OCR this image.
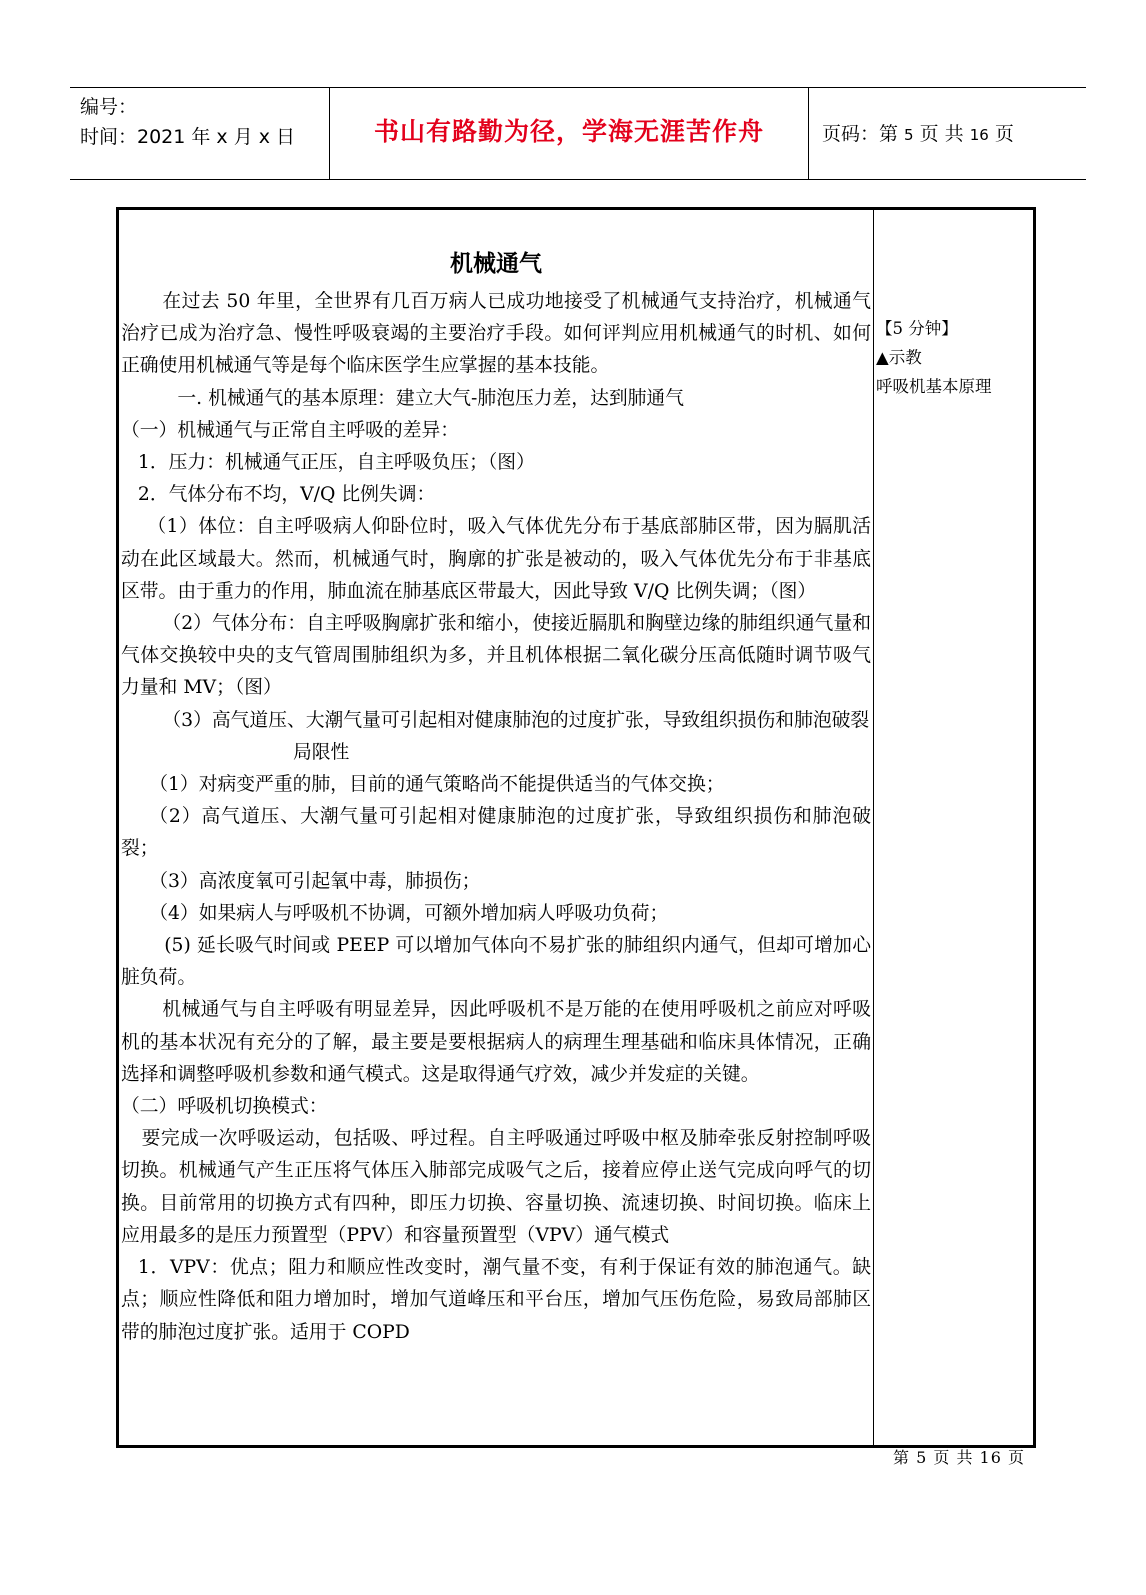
编号：
时间：2021 年 x 月 x 日	书山有路勤为径，学海无涯苦作舟	页码：第 5 页 共 16 页

机械通气

在过去 50 年里，全世界有几百万病人已成功地接受了机械通气支持治疗，机械通气治疗已成为治疗急、慢性呼吸衰竭的主要治疗手段。如何评判应用机械通气的时机、如何正确使用机械通气等是每个临床医学生应掌握的基本技能。

一. 机械通气的基本原理：建立大气-肺泡压力差，达到肺通气

（一）机械通气与正常自主呼吸的差异：

1．压力：机械通气正压，自主呼吸负压；（图）

2．气体分布不均，V/Q 比例失调：

（1）体位：自主呼吸病人仰卧位时，吸入气体优先分布于基底部肺区带，因为膈肌活动在此区域最大。然而，机械通气时，胸廓的扩张是被动的，吸入气体优先分布于非基底区带。由于重力的作用，肺血流在肺基底区带最大，因此导致 V/Q 比例失调；（图）

（2）气体分布：自主呼吸胸廓扩张和缩小，使接近膈肌和胸壁边缘的肺组织通气量和气体交换较中央的支气管周围肺组织为多，并且机体根据二氧化碳分压高低随时调节吸气力量和 MV；（图）

（3）高气道压、大潮气量可引起相对健康肺泡的过度扩张，导致组织损伤和肺泡破裂

局限性

（1）对病变严重的肺，目前的通气策略尚不能提供适当的气体交换；

（2）高气道压、大潮气量可引起相对健康肺泡的过度扩张，导致组织损伤和肺泡破裂；

（3）高浓度氧可引起氧中毒，肺损伤；

（4）如果病人与呼吸机不协调，可额外增加病人呼吸功负荷；

(5) 延长吸气时间或 PEEP 可以增加气体向不易扩张的肺组织内通气，但却可增加心脏负荷。

机械通气与自主呼吸有明显差异，因此呼吸机不是万能的在使用呼吸机之前应对呼吸机的基本状况有充分的了解，最主要是要根据病人的病理生理基础和临床具体情况，正确选择和调整呼吸机参数和通气模式。这是取得通气疗效，减少并发症的关键。

（二）呼吸机切换模式：

要完成一次呼吸运动，包括吸、呼过程。自主呼吸通过呼吸中枢及肺牵张反射控制呼吸切换。机械通气产生正压将气体压入肺部完成吸气之后，接着应停止送气完成向呼气的切换。目前常用的切换方式有四种，即压力切换、容量切换、流速切换、时间切换。临床上应用最多的是压力预置型（PPV）和容量预置型（VPV）通气模式

1．VPV：优点；阻力和顺应性改变时，潮气量不变，有利于保证有效的肺泡通气。缺点；顺应性降低和阻力增加时，增加气道峰压和平台压，增加气压伤危险，易致局部肺区带的肺泡过度扩张。适用于 COPD

【5 分钟】
▲示教
呼吸机基本原理
第 5 页 共 16 页
